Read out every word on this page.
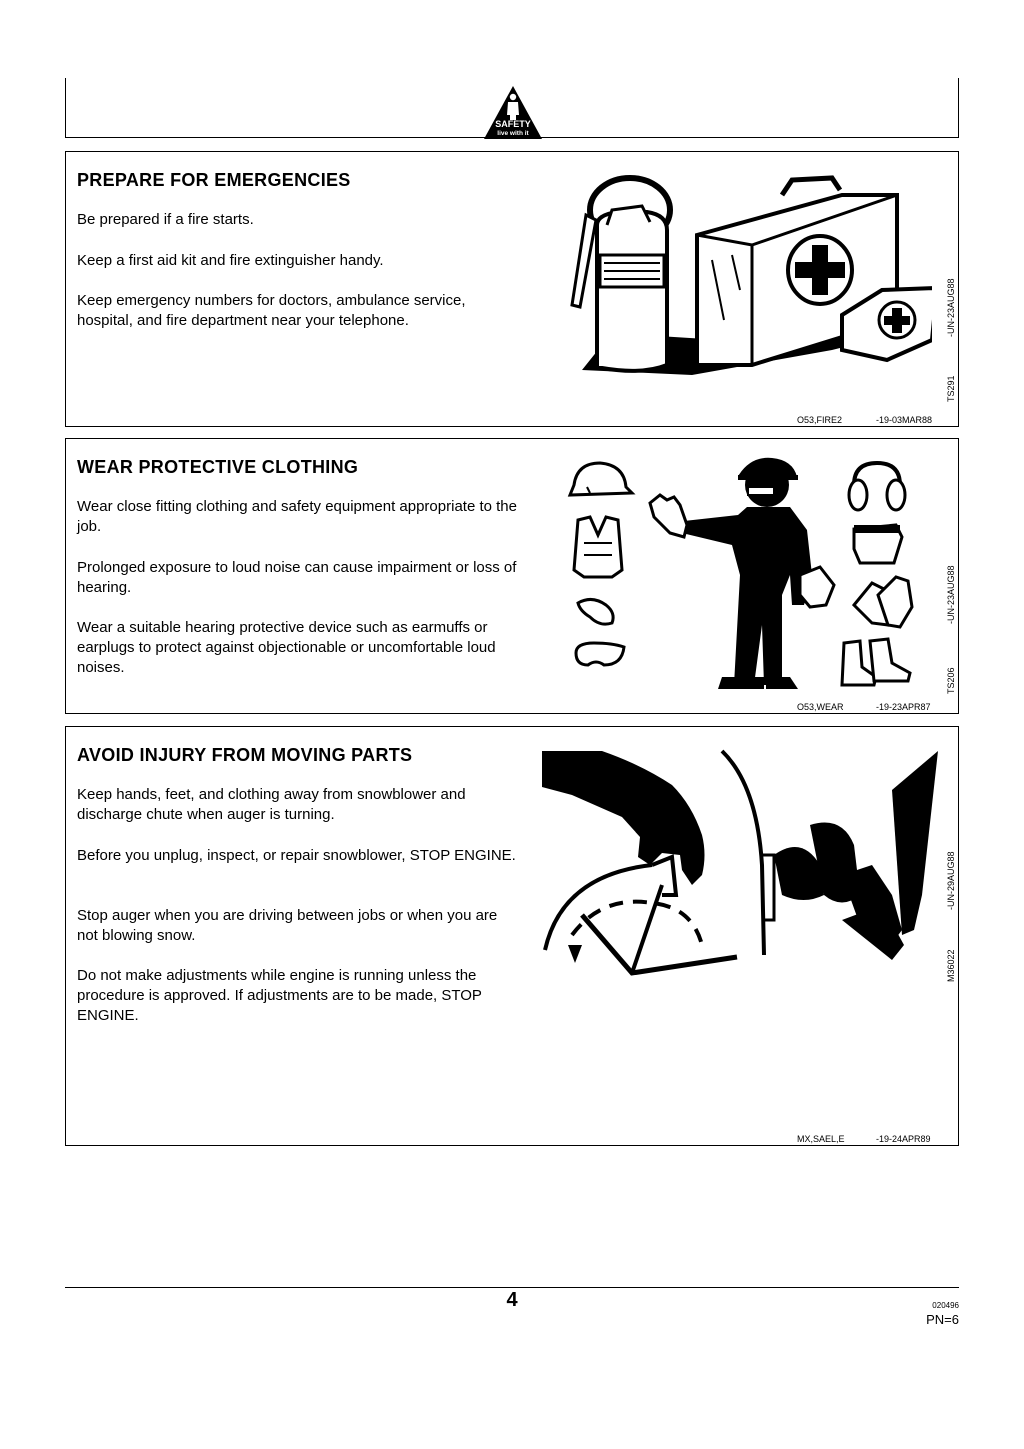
SAFETY
live with it
PREPARE FOR EMERGENCIES

Be prepared if a fire starts.

Keep a first aid kit and fire extinguisher handy.

Keep emergency numbers for doctors, ambulance service, hospital, and fire department near your telephone.

TS291
-UN-23AUG88
O53,FIRE2	-19-03MAR88
WEAR PROTECTIVE CLOTHING

Wear close fitting clothing and safety equipment appropriate to the job.

Prolonged exposure to loud noise can cause impairment or loss of hearing.

Wear a suitable hearing protective device such as earmuffs or earplugs to protect against objectionable or uncomfortable loud noises.	TS206
-UN-23AUG88
O53,WEAR	-19-23APR87
AVOID INJURY FROM MOVING PARTS

Keep hands, feet, and clothing away from snowblower and discharge chute when auger is turning.

Before you unplug, inspect, or repair snowblower, STOP ENGINE.

Stop auger when you are driving between jobs or when you are not blowing snow.

Do not make adjustments while engine is running unless the procedure is approved. If adjustments are to be made, STOP ENGINE.

M36022
-UN-29AUG88
MX,SAEL,E	-19-24APR89
4	020496
PN=6
